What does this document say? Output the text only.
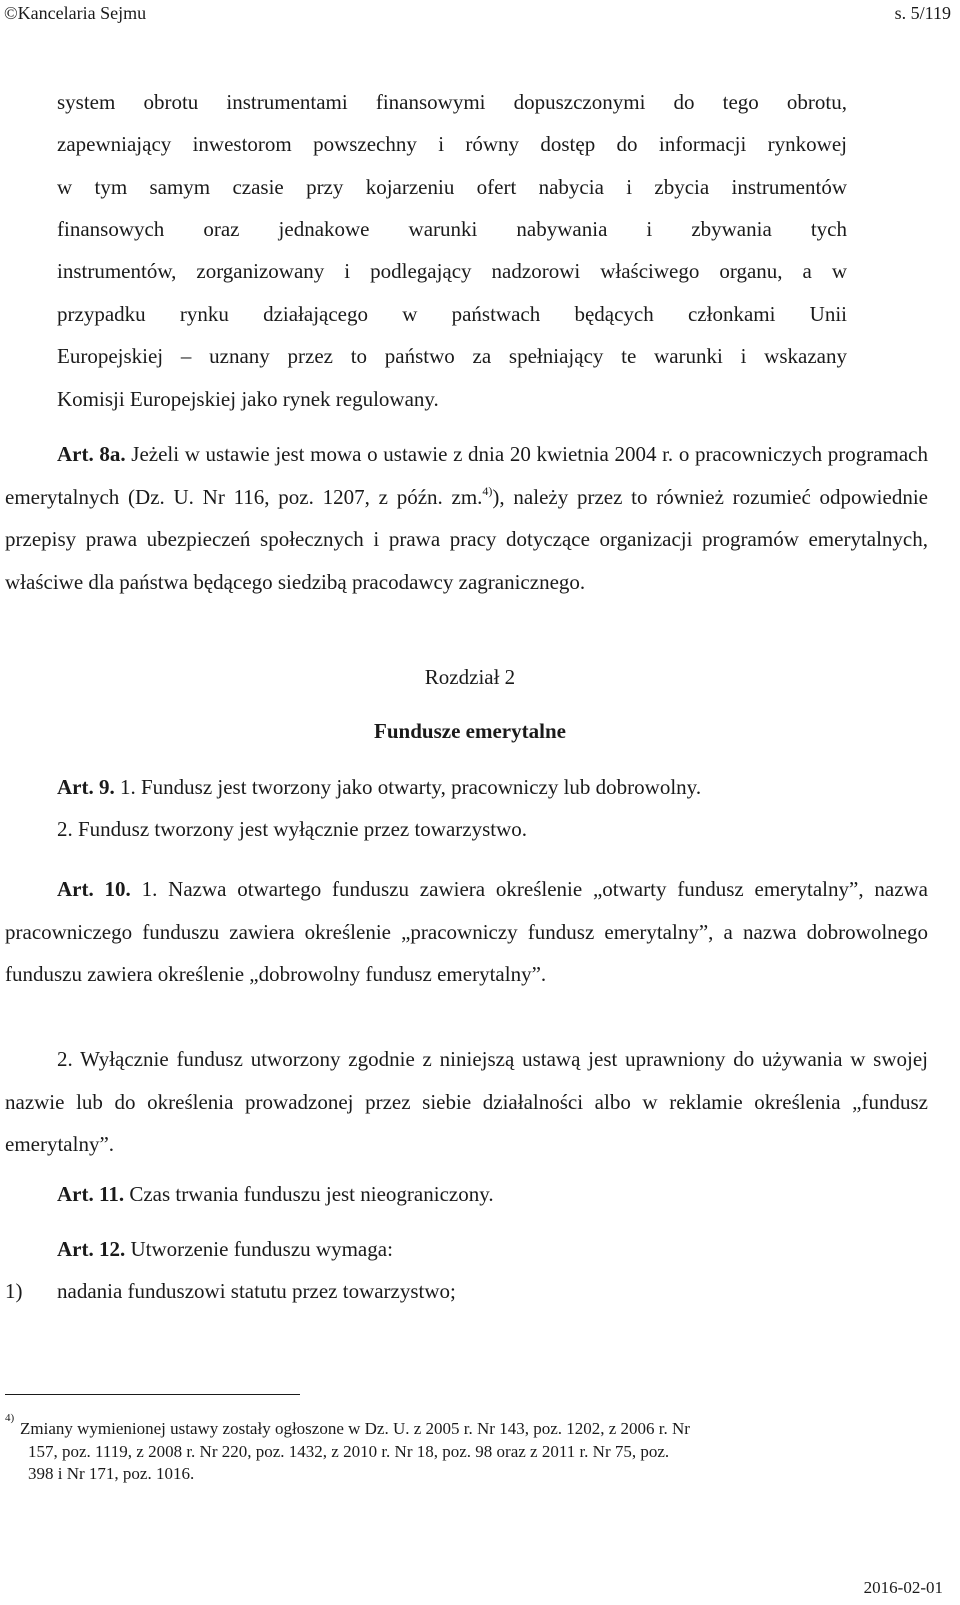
©Kancelaria Sejmu	s. 5/119
system obrotu instrumentami finansowymi dopuszczonymi do tego obrotu,
zapewniający inwestorom powszechny i równy dostęp do informacji rynkowej
w tym samym czasie przy kojarzeniu ofert nabycia i zbycia instrumentów
finansowych oraz jednakowe warunki nabywania i zbywania tych
instrumentów, zorganizowany i podlegający nadzorowi właściwego organu, a w
przypadku rynku działającego w państwach będących członkami Unii
Europejskiej – uznany przez to państwo za spełniający te warunki i wskazany
Komisji Europejskiej jako rynek regulowany.
Art. 8a. Jeżeli w ustawie jest mowa o ustawie z dnia 20 kwietnia 2004 r. o pracowniczych programach emerytalnych (Dz. U. Nr 116, poz. 1207, z późn. zm.$^{4)}$), należy przez to również rozumieć odpowiednie przepisy prawa ubezpieczeń społecznych i prawa pracy dotyczące organizacji programów emerytalnych, właściwe dla państwa będącego siedzibą pracodawcy zagranicznego.
Rozdział 2
Fundusze emerytalne
Art. 9. 1. Fundusz jest tworzony jako otwarty, pracowniczy lub dobrowolny.
2. Fundusz tworzony jest wyłącznie przez towarzystwo.
Art. 10. 1. Nazwa otwartego funduszu zawiera określenie „otwarty fundusz emerytalny”, nazwa pracowniczego funduszu zawiera określenie „pracowniczy fundusz emerytalny”, a nazwa dobrowolnego funduszu zawiera określenie „dobrowolny fundusz emerytalny”.
2. Wyłącznie fundusz utworzony zgodnie z niniejszą ustawą jest uprawniony do używania w swojej nazwie lub do określenia prowadzonej przez siebie działalności albo w reklamie określenia „fundusz emerytalny”.
Art. 11. Czas trwania funduszu jest nieograniczony.
Art. 12. Utworzenie funduszu wymaga:
1) nadania funduszowi statutu przez towarzystwo;
4)
Zmiany wymienionej ustawy zostały ogłoszone w Dz. U. z 2005 r. Nr 143, poz. 1202, z 2006 r. Nr
157, poz. 1119, z 2008 r. Nr 220, poz. 1432, z 2010 r. Nr 18, poz. 98 oraz z 2011 r. Nr 75, poz.
398 i Nr 171, poz. 1016.
2016-02-01
